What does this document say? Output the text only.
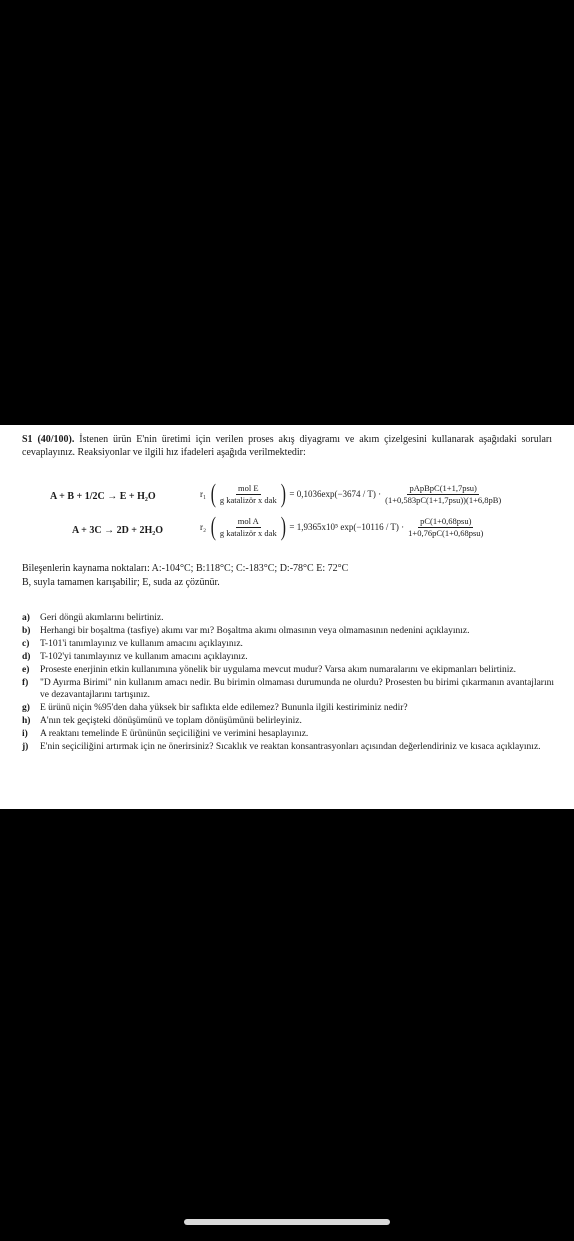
S1 (40/100). İstenen ürün E'nin üretimi için verilen proses akış diyagramı ve akım çizelgesini kullanarak aşağıdaki soruları cevaplayınız. Reaksiyonlar ve ilgili hız ifadeleri aşağıda verilmektedir:
A + B + 1/2C → E + H₂O	r₁ ( $\frac{\text{mol E}}{\text{g katalizör x dak}}$ ) = $0,1036\exp(-3674 / T) \cdot \frac{\text{pApBpC(1+1,7psu)}}{\text{(1+0,583pC(1+1,7psu))(1+6,8pB)}}$
A + 3C → 2D + 2H₂O	r₂ ( $\frac{\text{mol A}}{\text{g katalizör x dak}}$ ) = 1,9365x10⁵ $\exp(-10116 / T) \cdot \frac{\text{pC(1+0,68psu)}}{\text{1+0,76pC(1+0,68psu)}}$
Bileşenlerin kaynama noktaları: A:-104°C; B:118°C; C:-183°C; D:-78°C E: 72°C
B, suyla tamamen karışabilir; E, suda az çözünür.
a)	Geri döngü akımlarını belirtiniz.
b)	Herhangi bir boşaltma (tasfiye) akımı var mı? Boşaltma akımı olmasının veya olmamasının nedenini açıklayınız.
c)	T-101'i tanımlayınız ve kullanım amacını açıklayınız.
d)	T-102'yi tanımlayınız ve kullanım amacını açıklayınız.
e)	Proseste enerjinin etkin kullanımına yönelik bir uygulama mevcut mudur? Varsa akım numaralarını ve ekipmanları belirtiniz.
f)	"D Ayırma Birimi" nin kullanım amacı nedir. Bu birimin olmaması durumunda ne olurdu? Prosesten bu birimi çıkarmanın avantajlarını ve dezavantajlarını tartışınız.
g)	E ürünü niçin %95'den daha yüksek bir saflıkta elde edilemez? Bununla ilgili kestiriminiz nedir?
h)	A'nın tek geçişteki dönüşümünü ve toplam dönüşümünü belirleyiniz.
i)	A reaktanı temelinde E ürününün seçiciliğini ve verimini hesaplayınız.
j)	E'nin seçiciliğini artırmak için ne önerirsiniz? Sıcaklık ve reaktan konsantrasyonları açısından değerlendiriniz ve kısaca açıklayınız.
